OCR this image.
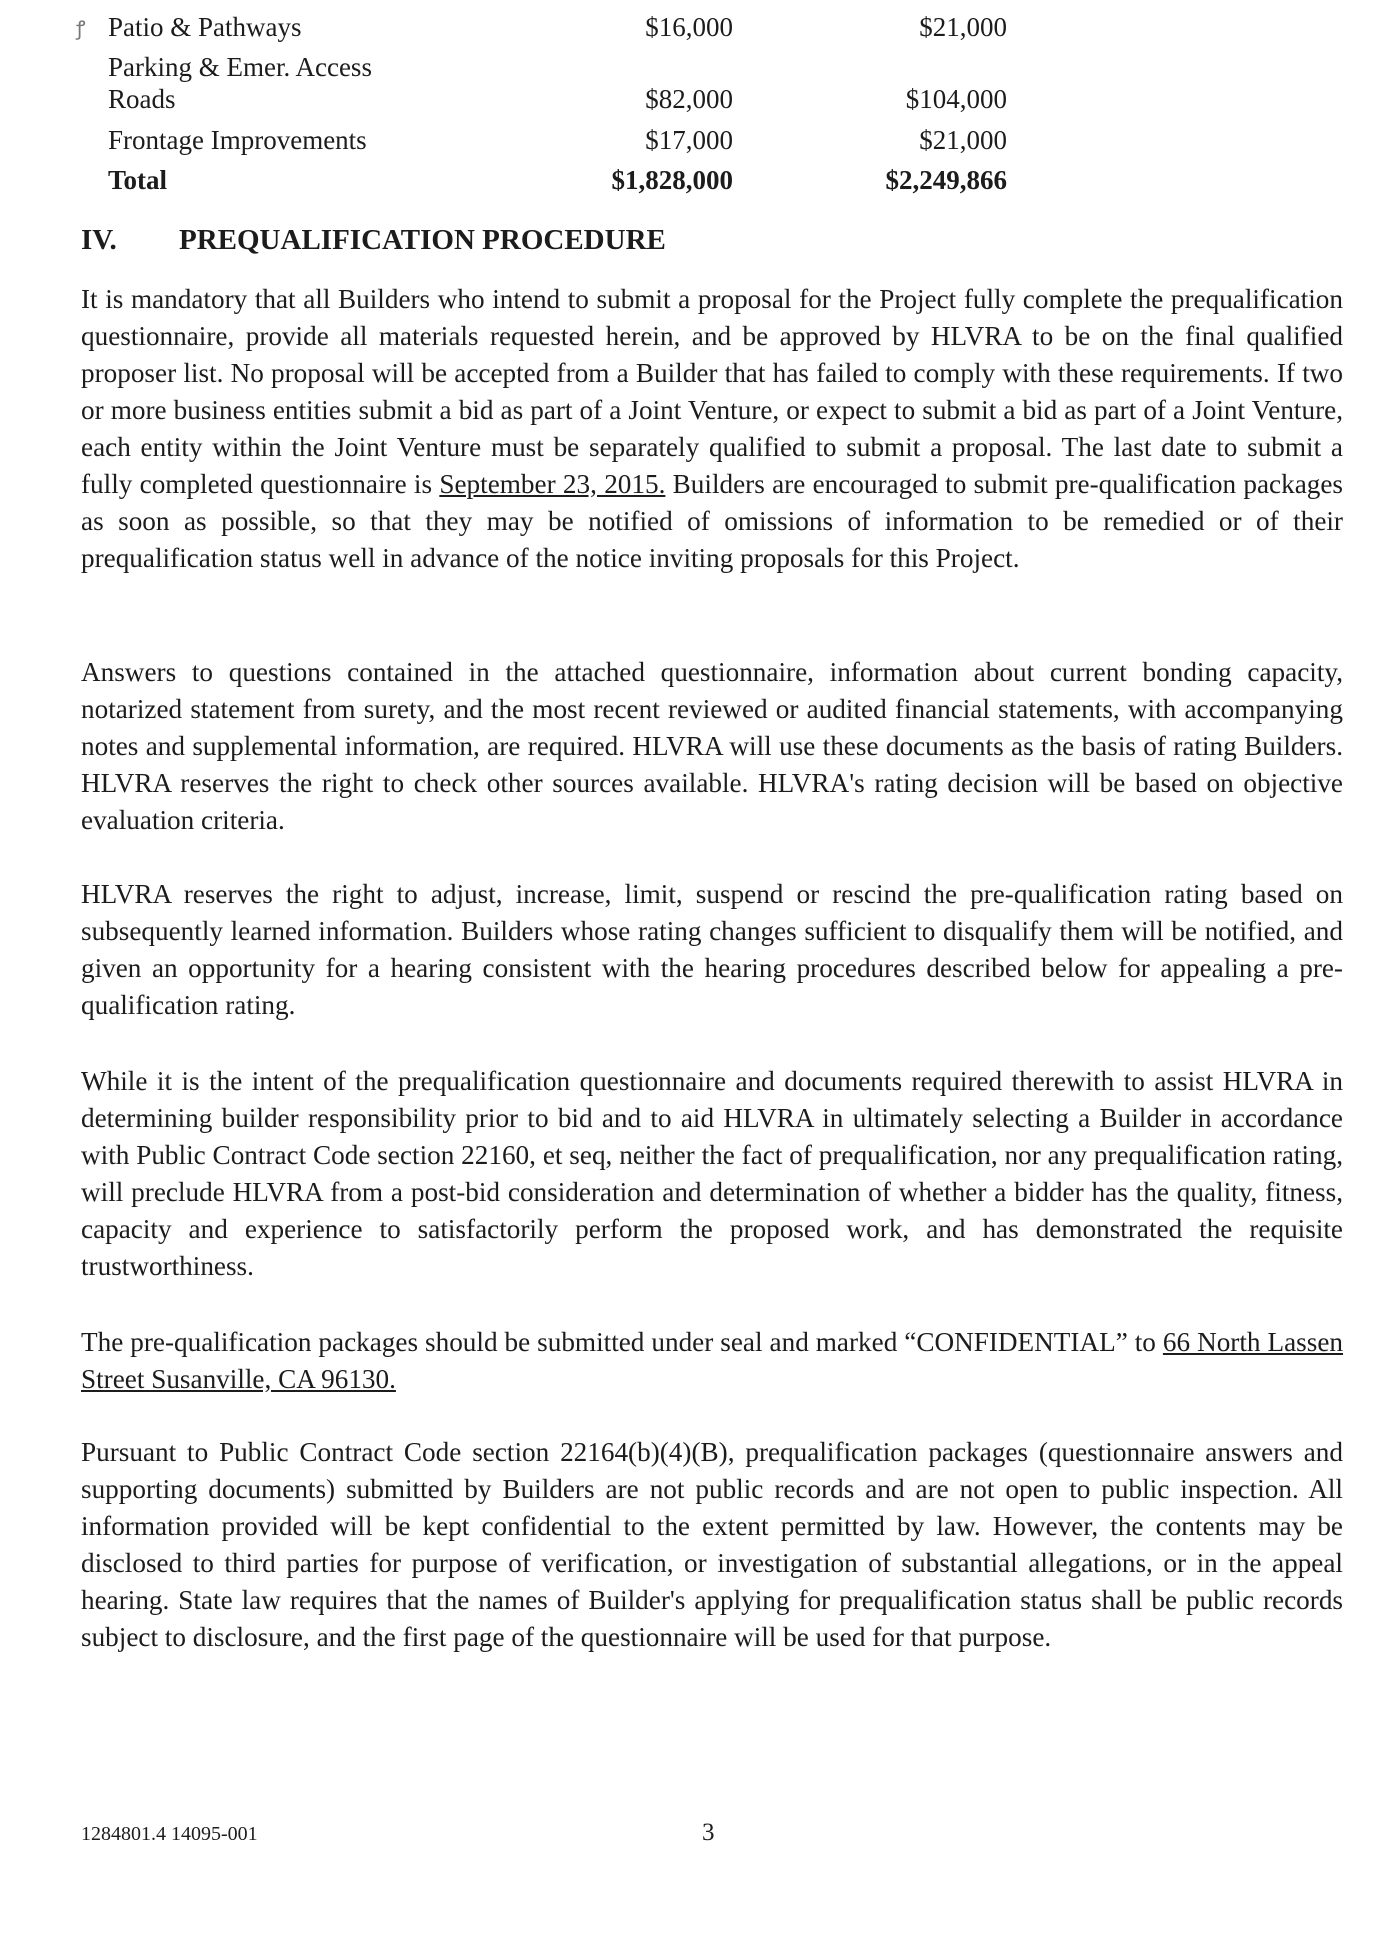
ꝭ Patio & Pathways	$16,000	$21,000
Parking & Emer. Access
Roads	$82,000	$104,000
Frontage Improvements	$17,000	$21,000
Total	$1,828,000	$2,249,866
IV. PREQUALIFICATION PROCEDURE

It is mandatory that all Builders who intend to submit a proposal for the Project fully complete the prequalification questionnaire, provide all materials requested herein, and be approved by HLVRA to be on the final qualified proposer list. No proposal will be accepted from a Builder that has failed to comply with these requirements. If two or more business entities submit a bid as part of a Joint Venture, or expect to submit a bid as part of a Joint Venture, each entity within the Joint Venture must be separately qualified to submit a proposal. The last date to submit a fully completed questionnaire is September 23, 2015. Builders are encouraged to submit pre-qualification packages as soon as possible, so that they may be notified of omissions of information to be remedied or of their prequalification status well in advance of the notice inviting proposals for this Project.

Answers to questions contained in the attached questionnaire, information about current bonding capacity, notarized statement from surety, and the most recent reviewed or audited financial statements, with accompanying notes and supplemental information, are required. HLVRA will use these documents as the basis of rating Builders. HLVRA reserves the right to check other sources available. HLVRA's rating decision will be based on objective evaluation criteria.

HLVRA reserves the right to adjust, increase, limit, suspend or rescind the pre-qualification rating based on subsequently learned information. Builders whose rating changes sufficient to disqualify them will be notified, and given an opportunity for a hearing consistent with the hearing procedures described below for appealing a pre-qualification rating.

While it is the intent of the prequalification questionnaire and documents required therewith to assist HLVRA in determining builder responsibility prior to bid and to aid HLVRA in ultimately selecting a Builder in accordance with Public Contract Code section 22160, et seq, neither the fact of prequalification, nor any prequalification rating, will preclude HLVRA from a post-bid consideration and determination of whether a bidder has the quality, fitness, capacity and experience to satisfactorily perform the proposed work, and has demonstrated the requisite trustworthiness.

The pre-qualification packages should be submitted under seal and marked “CONFIDENTIAL” to 66 North Lassen Street Susanville, CA 96130.

Pursuant to Public Contract Code section 22164(b)(4)(B), prequalification packages (questionnaire answers and supporting documents) submitted by Builders are not public records and are not open to public inspection. All information provided will be kept confidential to the extent permitted by law. However, the contents may be disclosed to third parties for purpose of verification, or investigation of substantial allegations, or in the appeal hearing. State law requires that the names of Builder's applying for prequalification status shall be public records subject to disclosure, and the first page of the questionnaire will be used for that purpose.

1284801.4 14095-001	3
